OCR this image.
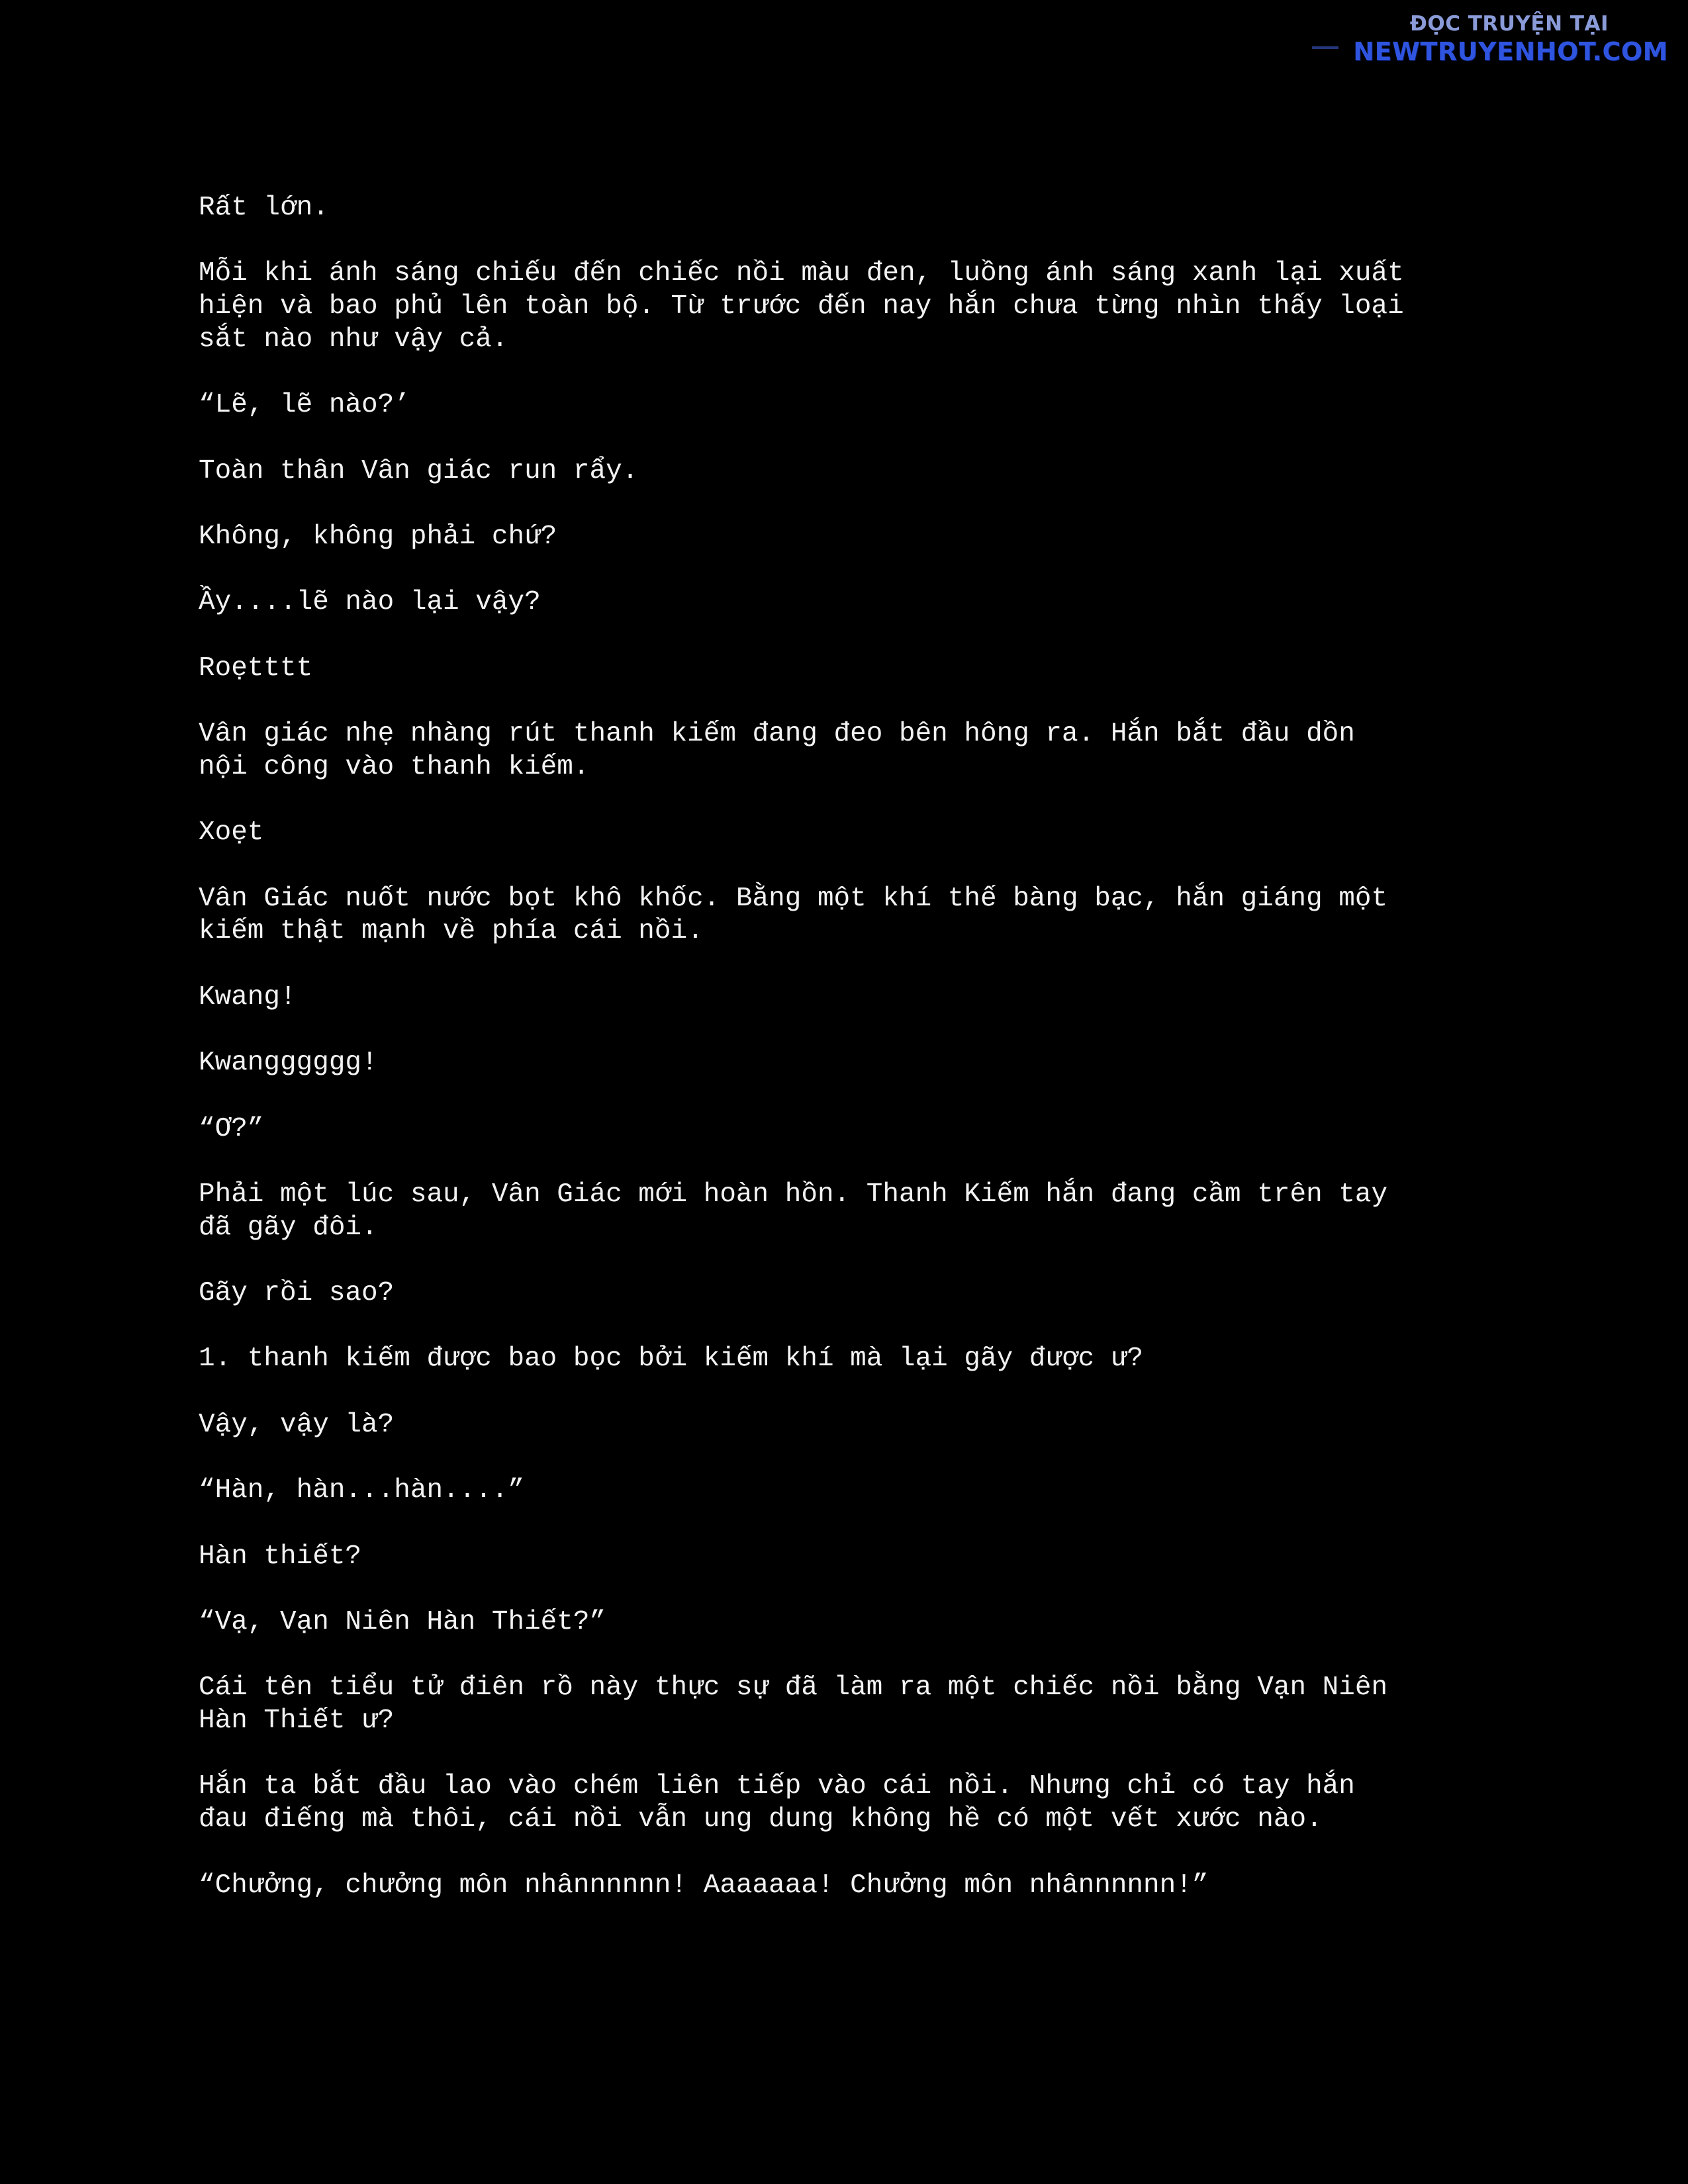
ĐỌC TRUYỆN TẠI
NEWTRUYENHOT.COM

Rất lớn.

Mỗi khi ánh sáng chiếu đến chiếc nồi màu đen, luồng ánh sáng xanh lại xuất
hiện và bao phủ lên toàn bộ. Từ trước đến nay hắn chưa từng nhìn thấy loại
sắt nào như vậy cả.

“Lẽ, lẽ nào?’

Toàn thân Vân giác run rẩy.

Không, không phải chứ?

Ầy....lẽ nào lại vậy?

Roẹtttt

Vân giác nhẹ nhàng rút thanh kiếm đang đeo bên hông ra. Hắn bắt đầu dồn
nội công vào thanh kiếm.

Xoẹt

Vân Giác nuốt nước bọt khô khốc. Bằng một khí thế bàng bạc, hắn giáng một
kiếm thật mạnh về phía cái nồi.

Kwang!

Kwangggggg!

“Ơ?”

Phải một lúc sau, Vân Giác mới hoàn hồn. Thanh Kiếm hắn đang cầm trên tay
đã gãy đôi.

Gãy rồi sao?

1. thanh kiếm được bao bọc bởi kiếm khí mà lại gãy được ư?

Vậy, vậy là?

“Hàn, hàn...hàn....”

Hàn thiết?

“Vạ, Vạn Niên Hàn Thiết?”

Cái tên tiểu tử điên rồ này thực sự đã làm ra một chiếc nồi bằng Vạn Niên
Hàn Thiết ư?

Hắn ta bắt đầu lao vào chém liên tiếp vào cái nồi. Nhưng chỉ có tay hắn
đau điếng mà thôi, cái nồi vẫn ung dung không hề có một vết xước nào.

“Chưởng, chưởng môn nhânnnnnn! Aaaaaaa! Chưởng môn nhânnnnnn!”
